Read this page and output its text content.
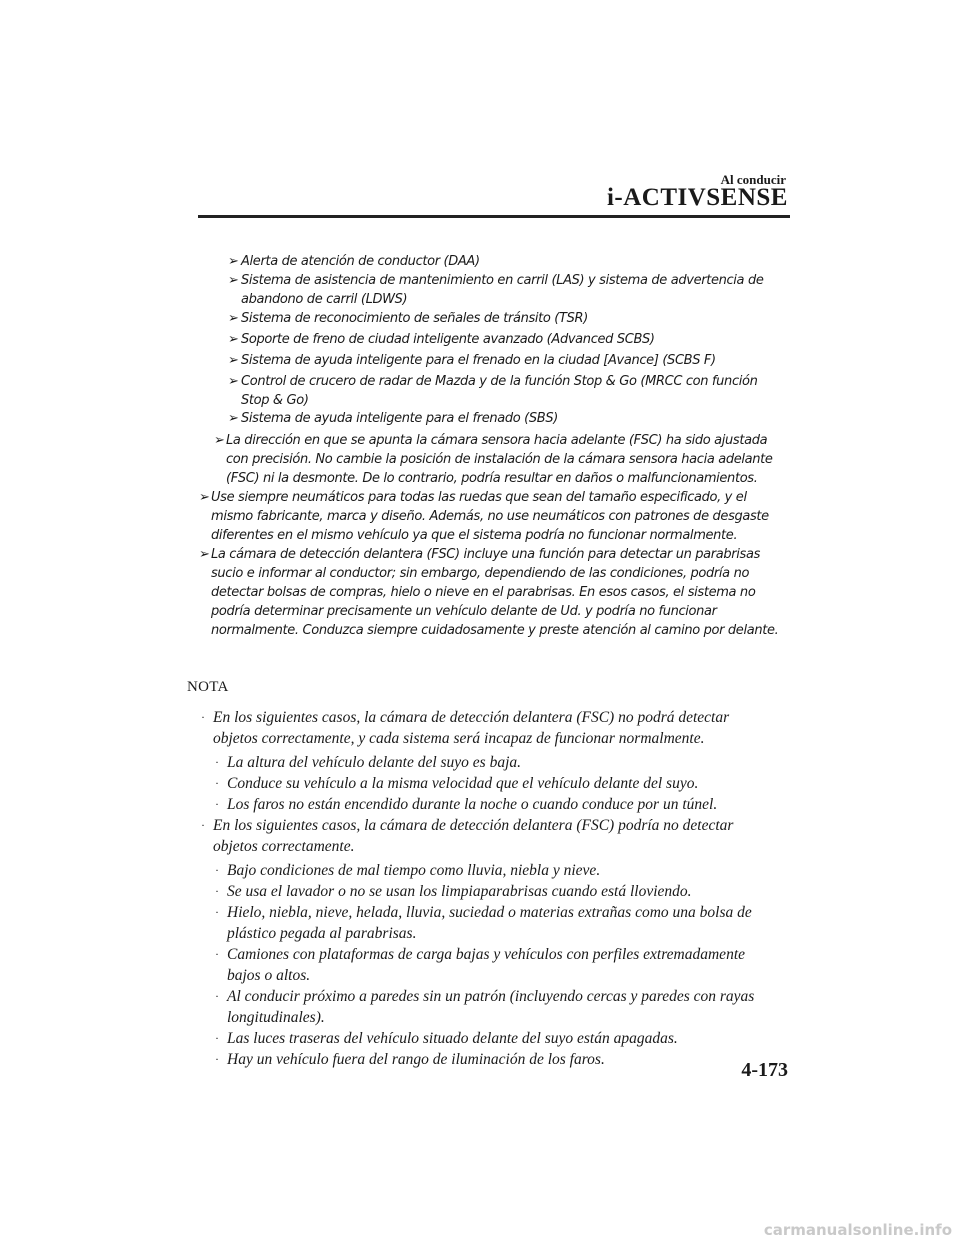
Al conducir
i-ACTIVSENSE
➢ Alerta de atención de conductor (DAA)
➢ Sistema de asistencia de mantenimiento en carril (LAS) y sistema de advertencia de abandono de carril (LDWS)
➢ Sistema de reconocimiento de señales de tránsito (TSR)
➢ Soporte de freno de ciudad inteligente avanzado (Advanced SCBS)
➢ Sistema de ayuda inteligente para el frenado en la ciudad [Avance] (SCBS F)
➢ Control de crucero de radar de Mazda y de la función Stop & Go (MRCC con función Stop & Go)
➢ Sistema de ayuda inteligente para el frenado (SBS)
➢ La dirección en que se apunta la cámara sensora hacia adelante (FSC) ha sido ajustada con precisión. No cambie la posición de instalación de la cámara sensora hacia adelante (FSC) ni la desmonte. De lo contrario, podría resultar en daños o malfuncionamientos.
➢ Use siempre neumáticos para todas las ruedas que sean del tamaño especificado, y el mismo fabricante, marca y diseño. Además, no use neumáticos con patrones de desgaste diferentes en el mismo vehículo ya que el sistema podría no funcionar normalmente.
➢ La cámara de detección delantera (FSC) incluye una función para detectar un parabrisas sucio e informar al conductor; sin embargo, dependiendo de las condiciones, podría no detectar bolsas de compras, hielo o nieve en el parabrisas. En esos casos, el sistema no podría determinar precisamente un vehículo delante de Ud. y podría no funcionar normalmente. Conduzca siempre cuidadosamente y preste atención al camino por delante.
NOTA
· En los siguientes casos, la cámara de detección delantera (FSC) no podrá detectar objetos correctamente, y cada sistema será incapaz de funcionar normalmente.
· La altura del vehículo delante del suyo es baja.
· Conduce su vehículo a la misma velocidad que el vehículo delante del suyo.
· Los faros no están encendido durante la noche o cuando conduce por un túnel.
· En los siguientes casos, la cámara de detección delantera (FSC) podría no detectar objetos correctamente.
· Bajo condiciones de mal tiempo como lluvia, niebla y nieve.
· Se usa el lavador o no se usan los limpiaparabrisas cuando está lloviendo.
· Hielo, niebla, nieve, helada, lluvia, suciedad o materias extrañas como una bolsa de plástico pegada al parabrisas.
· Camiones con plataformas de carga bajas y vehículos con perfiles extremadamente bajos o altos.
· Al conducir próximo a paredes sin un patrón (incluyendo cercas y paredes con rayas longitudinales).
· Las luces traseras del vehículo situado delante del suyo están apagadas.
· Hay un vehículo fuera del rango de iluminación de los faros.	4-173
carmanualsonline.info
